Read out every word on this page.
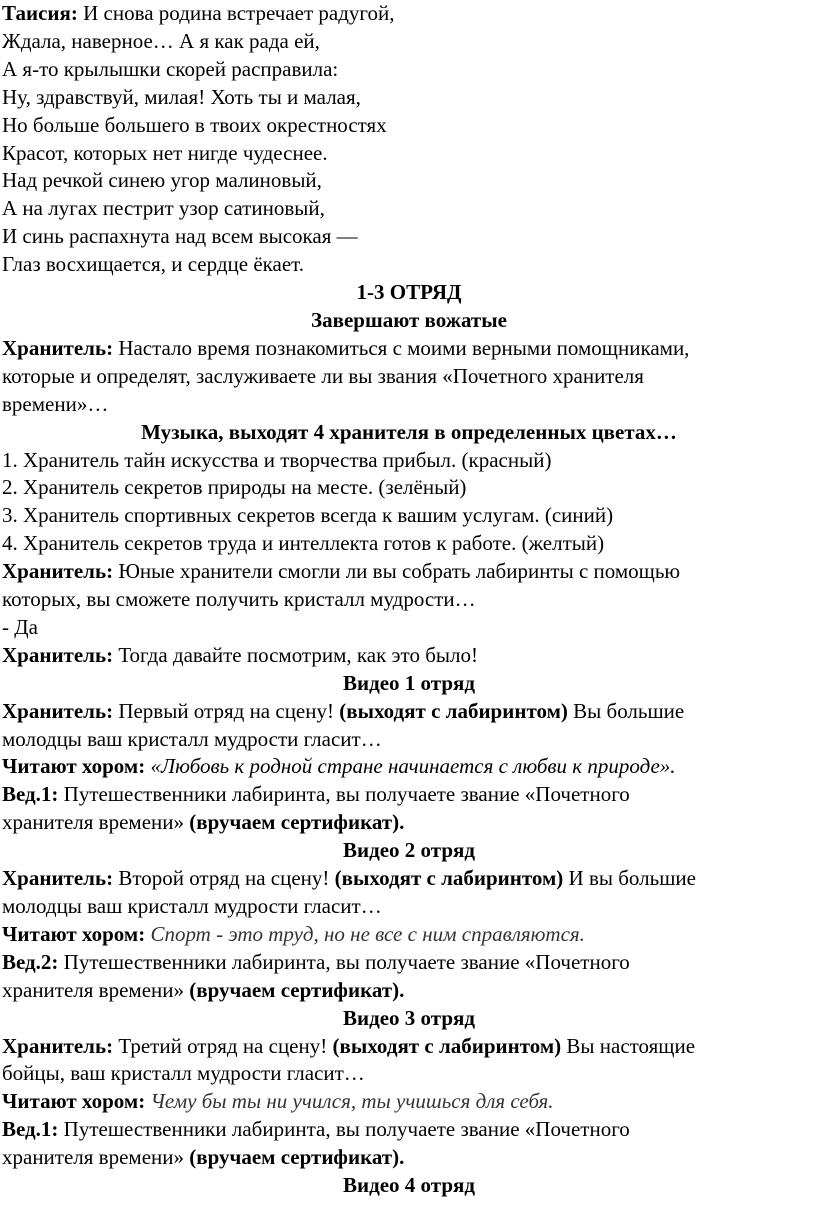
Таисия: И снова родина встречает радугой,
Ждала, наверное… А я как рада ей,
А я-то крылышки скорей расправила:
Ну, здравствуй, милая! Хоть ты и малая,
Но больше большего в твоих окрестностях
Красот, которых нет нигде чудеснее.
Над речкой синею угор малиновый,
А на лугах пестрит узор сатиновый,
И синь распахнута над всем высокая —
Глаз восхищается, и сердце ёкает.
1-3 ОТРЯД
Завершают вожатые
Хранитель: Настало время познакомиться с моими верными помощниками,
которые и определят, заслуживаете ли вы звания «Почетного хранителя
времени»…
Музыка, выходят 4 хранителя в определенных цветах…
1. Хранитель тайн искусства и творчества прибыл. (красный)
2. Хранитель секретов природы на месте. (зелёный)
3. Хранитель спортивных секретов всегда к вашим услугам. (синий)
4. Хранитель секретов труда и интеллекта готов к работе. (желтый)
Хранитель: Юные хранители смогли ли вы собрать лабиринты с помощью
которых, вы сможете получить кристалл мудрости…
- Да
Хранитель: Тогда давайте посмотрим, как это было!
Видео 1 отряд
Хранитель: Первый отряд на сцену! (выходят с лабиринтом) Вы большие
молодцы ваш кристалл мудрости гласит…
Читают хором: «Любовь к родной стране начинается с любви к природе».
Вед.1: Путешественники лабиринта, вы получаете звание «Почетного
хранителя времени» (вручаем сертификат).
Видео 2 отряд
Хранитель: Второй отряд на сцену! (выходят с лабиринтом) И вы большие
молодцы ваш кристалл мудрости гласит…
Читают хором: Спорт - это труд, но не все с ним справляются.
Вед.2: Путешественники лабиринта, вы получаете звание «Почетного
хранителя времени» (вручаем сертификат).
Видео 3 отряд
Хранитель: Третий отряд на сцену! (выходят с лабиринтом) Вы настоящие
бойцы, ваш кристалл мудрости гласит…
Читают хором: Чему бы ты ни учился, ты учишься для себя.
Вед.1: Путешественники лабиринта, вы получаете звание «Почетного
хранителя времени» (вручаем сертификат).
Видео 4 отряд
